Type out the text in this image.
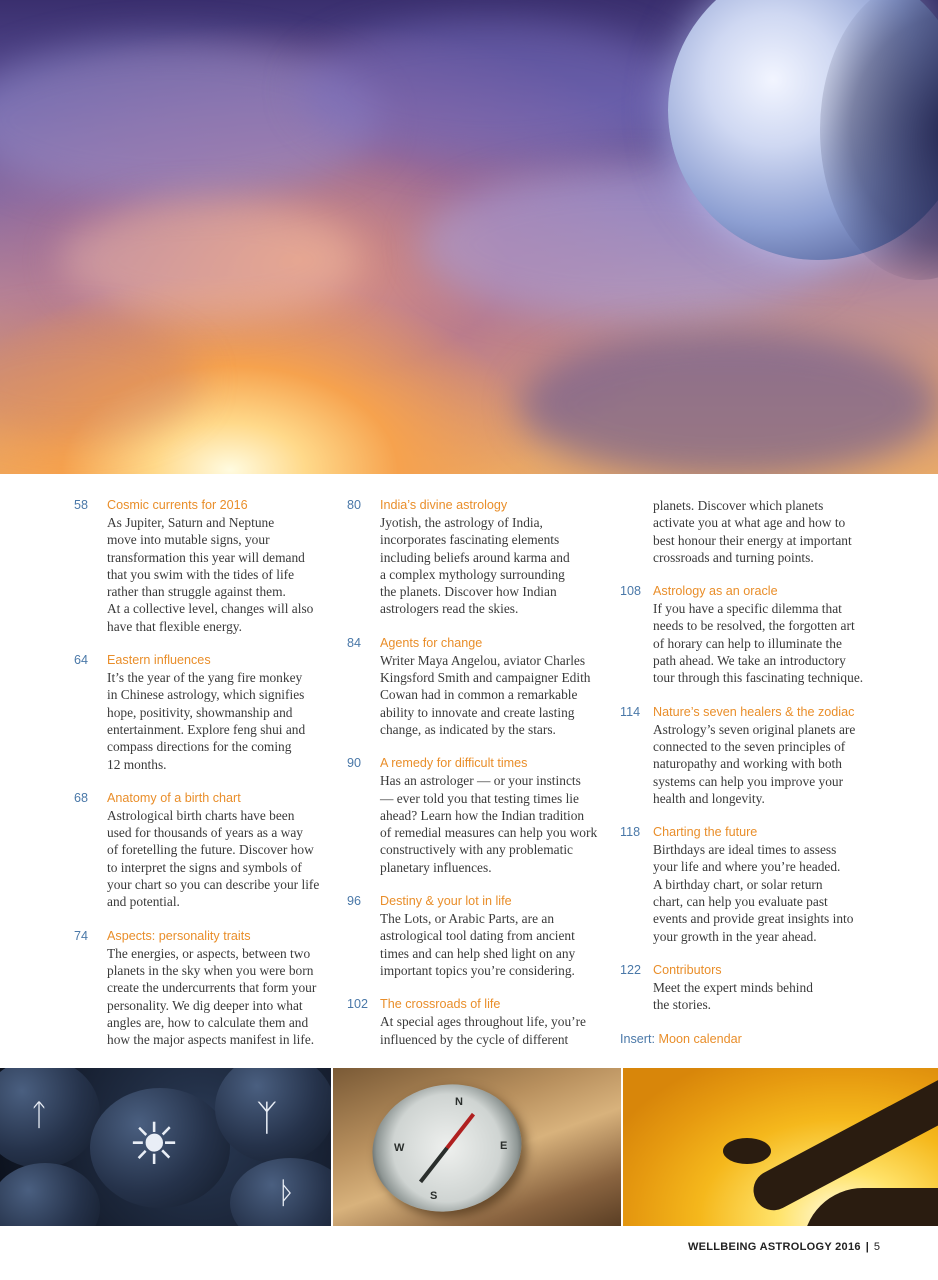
58	Cosmic currents for 2016
As Jupiter, Saturn and Neptune
move into mutable signs, your
transformation this year will demand
that you swim with the tides of life
rather than struggle against them.
At a collective level, changes will also
have that flexible energy.
64	Eastern influences
It’s the year of the yang fire monkey
in Chinese astrology, which signifies
hope, positivity, showmanship and
entertainment. Explore feng shui and
compass directions for the coming
12 months.
68	Anatomy of a birth chart
Astrological birth charts have been
used for thousands of years as a way
of foretelling the future. Discover how
to interpret the signs and symbols of
your chart so you can describe your life
and potential.
74	Aspects: personality traits
The energies, or aspects, between two
planets in the sky when you were born
create the undercurrents that form your
personality. We dig deeper into what
angles are, how to calculate them and
how the major aspects manifest in life.
80	India’s divine astrology
Jyotish, the astrology of India,
incorporates fascinating elements
including beliefs around karma and
a complex mythology surrounding
the planets. Discover how Indian
astrologers read the skies.
84	Agents for change
Writer Maya Angelou, aviator Charles
Kingsford Smith and campaigner Edith
Cowan had in common a remarkable
ability to innovate and create lasting
change, as indicated by the stars.
90	A remedy for difficult times
Has an astrologer — or your instincts
— ever told you that testing times lie
ahead? Learn how the Indian tradition
of remedial measures can help you work
constructively with any problematic
planetary influences.
96	Destiny & your lot in life
The Lots, or Arabic Parts, are an
astrological tool dating from ancient
times and can help shed light on any
important topics you’re considering.
102 The crossroads of life
At special ages throughout life, you’re
influenced by the cycle of different
planets. Discover which planets
activate you at what age and how to
best honour their energy at important
crossroads and turning points.
108 Astrology as an oracle
If you have a specific dilemma that
needs to be resolved, the forgotten art
of horary can help to illuminate the
path ahead. We take an introductory
tour through this fascinating technique.
114	Nature’s seven healers & the zodiac
Astrology’s seven original planets are
connected to the seven principles of
naturopathy and working with both
systems can help you improve your
health and longevity.
118	Charting the future
Birthdays are ideal times to assess
your life and where you’re headed.
A birthday chart, or solar return
chart, can help you evaluate past
events and provide great insights into
your growth in the year ahead.
122 Contributors
Meet the expert minds behind
the stories.
Insert: Moon calendar
☀ ᛉ
ᛏ
ᚦ
N
E
S
W
WELLBEING ASTROLOGY 2016 | 5
